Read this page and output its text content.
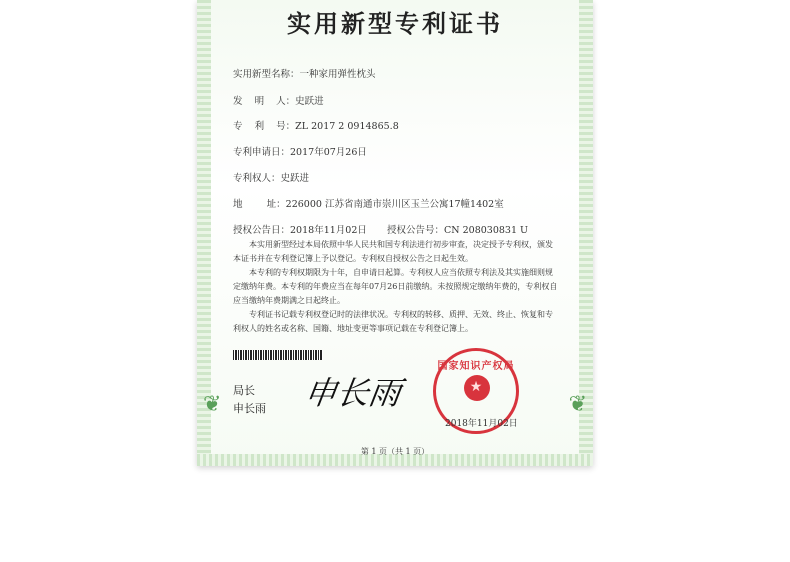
❦	❦
实用新型专利证书
实用新型名称：一种家用弹性枕头
发    明    人：史跃进
专    利    号：ZL 2017 2 0914865.8
专利申请日：2017年07月26日
专利权人：史跃进
地        址：226000 江苏省南通市崇川区玉兰公寓17幢1402室
授权公告日：2018年11月02日 授权公告号：CN 208030831 U
本实用新型经过本局依照中华人民共和国专利法进行初步审查，决定授予专利权，颁发本证书并在专利登记簿上予以登记。专利权自授权公告之日起生效。
本专利的专利权期限为十年，自申请日起算。专利权人应当依照专利法及其实施细则规定缴纳年费。本专利的年费应当在每年07月26日前缴纳。未按照规定缴纳年费的，专利权自应当缴纳年费期满之日起终止。
专利证书记载专利权登记时的法律状况。专利权的转移、质押、无效、终止、恢复和专利权人的姓名或名称、国籍、地址变更等事项记载在专利登记簿上。
局长
申长雨 申长雨
国家知识产权局
★
2018年11月02日
第 1 页（共 1 页）
